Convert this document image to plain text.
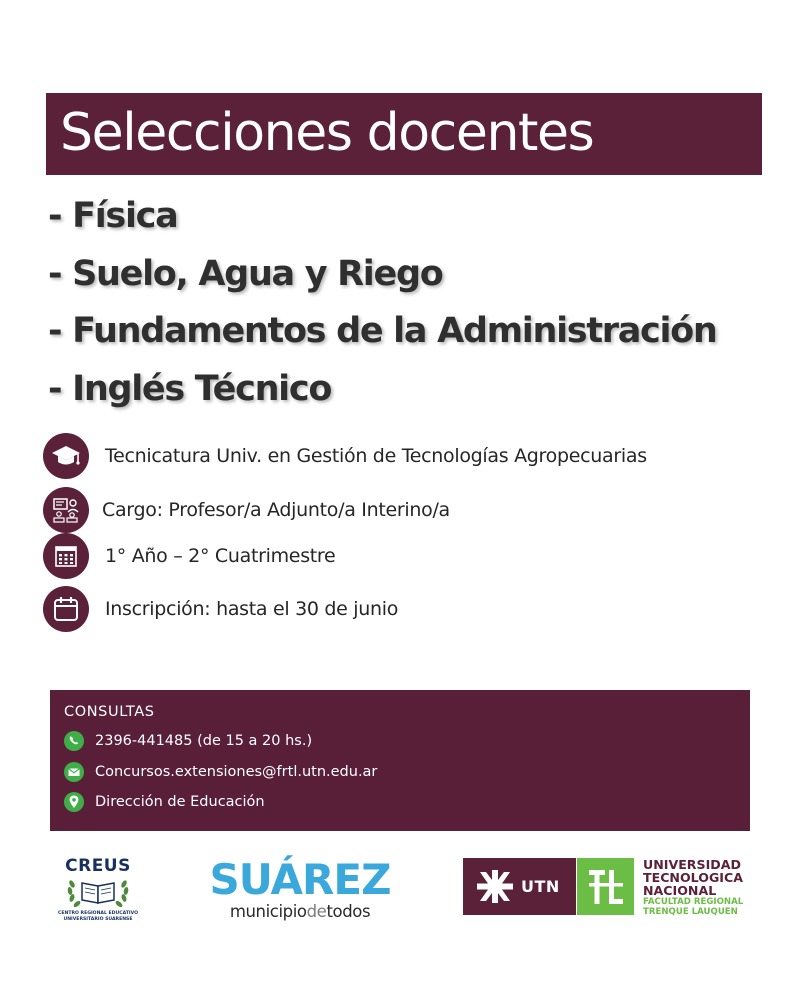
Selecciones docentes
- Física
- Suelo, Agua y Riego
- Fundamentos de la Administración
- Inglés Técnico
Tecnicatura Univ. en Gestión de Tecnologías Agropecuarias
Cargo: Profesor/a Adjunto/a Interino/a
1° Año – 2° Cuatrimestre
Inscripción: hasta el 30 de junio
CONSULTAS
2396-441485 (de 15 a 20 hs.)
Concursos.extensiones@frtl.utn.edu.ar
Dirección de Educación
CREUS
CENTRO REGIONAL EDUCATIVO
UNIVERSITARIO SUARENSE
SUÁREZ
municipiodetodos
UTN
UNIVERSIDAD
TECNOLOGICA
NACIONAL
FACULTAD REGIONAL
TRENQUE LAUQUEN
